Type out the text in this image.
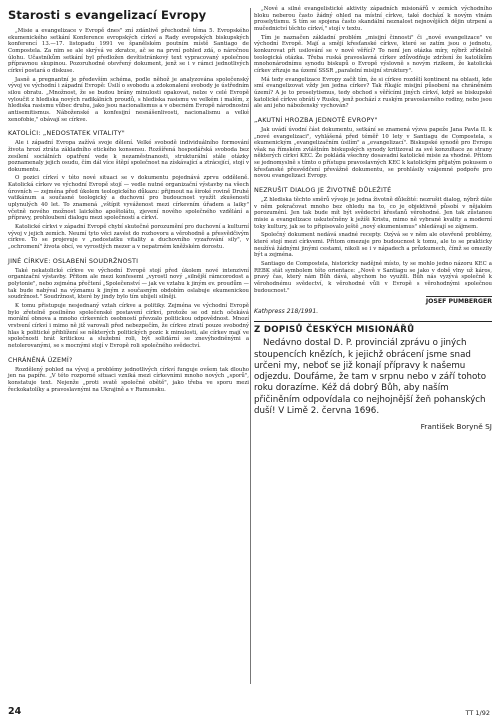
Starosti s evangelizací Evropy

„Misie a evangelizace v Evropě dnes" zní zdánlivě přechodně téma 5. Evropského ekumenického setkání Konference evropských církví a Rady evropských biskupských konferencí 13.—17. listopadu 1991 ve španělském poutním místě Santiago de Compostela. Za nim se ale skrývá ve zkratce, ač se na první pohled zdá, o náročnou úlohu. Učastníkům setkání byl předložen devítistránkový text vypracovaný společnou přípravnou skupinou. Pozoruhodné otevřený dokument, jenž se i v rámci jednotlivých církví postará o diskuse.

Jasně a pregnantní je především schéma, podle něhož je analyzována společenský vývoj ve východní i západní Evropě: Úsilí o svobodu a zdokonalení svobody je ústředním silou obratu. „Množnost, že se budou brány minulosti opakovat, nelze v celé Evropě vyloučit z hlediska nových radikálních proudů, s hlediska rasismu ve velkém i malém, z hlediska rasismu vůbec druhu, jako jsou nacionalismus a v obecném Evropě národnostní antisemitismus. Náboženské a konfesijní nesnášenlivosti, nacionalismu a velké xenofobie," obávají se církve.

KATOLÍCI: „NEDOSTATEK VITALITY"

Ale i západní Evropa zažívá svoje dělení. Velké svobodě individuálního formování života hrozí ztráta základního etického konsensu. Rozšířená hospodářská svoboda bez zesílení sociálních opatření vede k nezaměstnanosti, strukturální stále otázky poznamenaly jejich osudu, čím dál více štěpí společnost na získávající a ztrácející, stojí v dokumentu.

O pozici církví v této nové situaci se v dokumentu pojednává zprvu odděleně. Katolická církev ve východní Evropě stojí — vedle nutné organizační výstavby na všech úrovních — zejména před úkolem teologického důkazu: přijmout na široké rovině Druhé vatikánum a současné teologický a duchovní pro budoucnost využít zkušeností uplynulých 40 let. To znamená „vštípit vyváženost mezi církevním úřadem a laiky" včetně nového možnost laického apoštolátu, zjevení nového společného vzdělání a přípravy, prohloubení dialogu mezi společností a církví.

Katolické církvi v západní Evropě chybí skutečné porozumění pro duchovní a kulturní vývoj v jejich zemích. Neumí tyto věci zavést do rozhovoru a věrohodně a přesvědčivým církve. To se projevuje v „nedostatku vitality a duchovního vyzařování sily", v „ochromení" života obcí, ve vyrostlých mezer a v nepatrném kněžském dorostu.

JINÉ CÍRKVE: OSLABENÍ SOUDRŽNOSTI

Také nekatolické církve ve východní Evropě stojí před úkolem nové intenzivní organizační výstavby. Přitom ale mezi konfesemi „vyrostl nový „silnější rámcorodost a polytonie", nebo zejména přečtení „Společenství — jak ve vztahu k jiným ev. proudům — tak bude nabýval na významu k jiným z současným obdobím oslabuje ekumenickou soudržnost." Soudržnost, které by jindy bylo tím ubíjeli silněji.

K tomu přistupuje nesjednaný vztah církve a politiky. Zejména ve východní Evropě bylo zřetelně posilněno společenské postavení církví, protože se od nich očekává morální obnova a mnoho církevních osobností převzalo politickou odpovědnost. Mnozí vrstvení církví i mimo ně již varovali před nebezpečím, že církve ztratí pouze svobodný hlas k politické přiblížení se některých politických pozic k minulosti, ale církev mají ve společnosti hrát kritickou a služební roli, být solidární se znevýhodněnými a netolerovanými, se s mocnými stojí v Evropě roli společného svědectví.

CHRÁNĚNÁ ÚZEMÍ?

Rozdělený pohled na vývoj a problémy jednotlivých církví funguje ovšem tak dlouho jen na papíře. „V této rozporné situaci vzniká mezi církevními mnoho nových „sporů", konstatuje text. Nejenže „proti svatě společné obětě", jako třeba ve sporu mezi řeckokatolíky a pravoslavnými na Ukrajině a v Rumunsku.

„Nové a silné evangelistické aktivity západních misionářů v zemích východního bloku neberou často žádný ohled na místní církve, také dochází k novým vlnám proselytismu. S tím se spojena často skandální neznalost nejnovějších dějin utrpení a mučednictví těchto církví," stojí v textu.

Tím je naznačen základní problém „misijní činnosti" či „nové evangelizace" ve východní Evropě. Mají a smějí křesťanské církve, které se zatím jsou o jednotu, konkurovat při usilování se v nové věřící? To není jen otázka míry, nýbrž zřídelně teologická otázka. Třeba ruská pravoslavná církev zdůvodňuje zdržení že katolíkům mnohonárodnímu synodu biskupů o Evropě výslovně s novým rizikem, že katolická církev zřizuje na území SSSR „paralelní misijní struktury".

Má tedy evangelizace Evropy začít tím, že si církve rozdělí kontinent na oblasti, kde smí evangelizovat vždy jen jedna církev? Tak říkajíc misijní působení na chráněném území? A je to proselytismus, tedy obchod s věřícími jiných církví, když se biskupské katolické církve obrátí v Rusku, jenž pochází z ruským pravoslavného rodiny, nebo jsou ale ani jeho náboženský vychován?

„AKUTNÍ HROZBA JEDNOTĚ EVROPY"

Jak uvádí úvodní část dokumentu, setkání se znamená výzva papeže Jana Pavla II. k „nové evangelizaci", vyhlášená před téměř 10 lety v Santiagu de Compostela, s ekumenickým „evangelizačním úsilím" a „evangelizací". Biskupské synodě pro Evropu však na římském zvláštním biskupských synody kritizoval za své konzultace ze strany některých církví KEC. Že pokládá všechny dosavadní katolické misie za vhodné. Přitom se jednomyslně s tímto o přístupu pravoslavných KEC k katolickým přijatým pokusem o křesťanské přesvědčení převážně dokumentu, se prohlásily vzájemné podpoře pro novou evangelizaci Evropy.

NEZRUŠIT DIALOG JE ŽIVOTNĚ DŮLEŽITÉ

„Z hlediska těchto směrů vývoje je jedna životně důležité: nezrušit dialog, nýbrž dále v něm pokračovat mnoho bez ohledu na to, co je objektivně působí v nějakém porozumění. Jen tak bude mít být svědectví křesťanů věrohodné. Jen tak zůstanou misie a evangelizace uskutečněny k ježíši Kristu, mimo ně vybrané kvality a moderní toky kultury, jak se to připisovalo ještě „nový ekumenismus" shledávají se zájmem.

Společný dokument nedává snadné recepty. Ozývá se v něm ale otevřeně problémy, které stojí mezi církvemi. Přitom omezuje pro budoucnost k tomu, ale to se prakticky neužívá žádnými jinými cestami, nikoli se i v nápadech a průzkumech, čímž se omezily být a zejména.

Santiago de Compostela, historicky nadějné místo, ty se mohlo jedno názoru KEC a REBK stát symbolem této orientace: „Nově v Santiagu se jako v době vlny už káros, pravý čas, který nám Bůh dává, abychom ho využili. Bůh nás vyzývá společně k věrohodnému svědectví, k věrohodné vůli v Evropě s věrohodnými společnou budoucnost."

JOSEF PUMBERGER
Kathpress 218/1991.
Z DOPISŮ ČESKÝCH MISIONÁŘŮ

Nedávno dostal D. P. provinciál zprávu o jiných stoupencích knězích, k jejichž obrácení jsme snad určeni my, neboť se již konají přípravy k našemu odjezdu. Doufáme, že tam v srpnu nebo v září tohoto roku dorazíme. Kéž dá dobrý Bůh, aby naším přičiněním odpovídala co nejhojnější žeň pohanských duší! V Limě 2. června 1696.

František Boryně SJ
24	TT 1/92
